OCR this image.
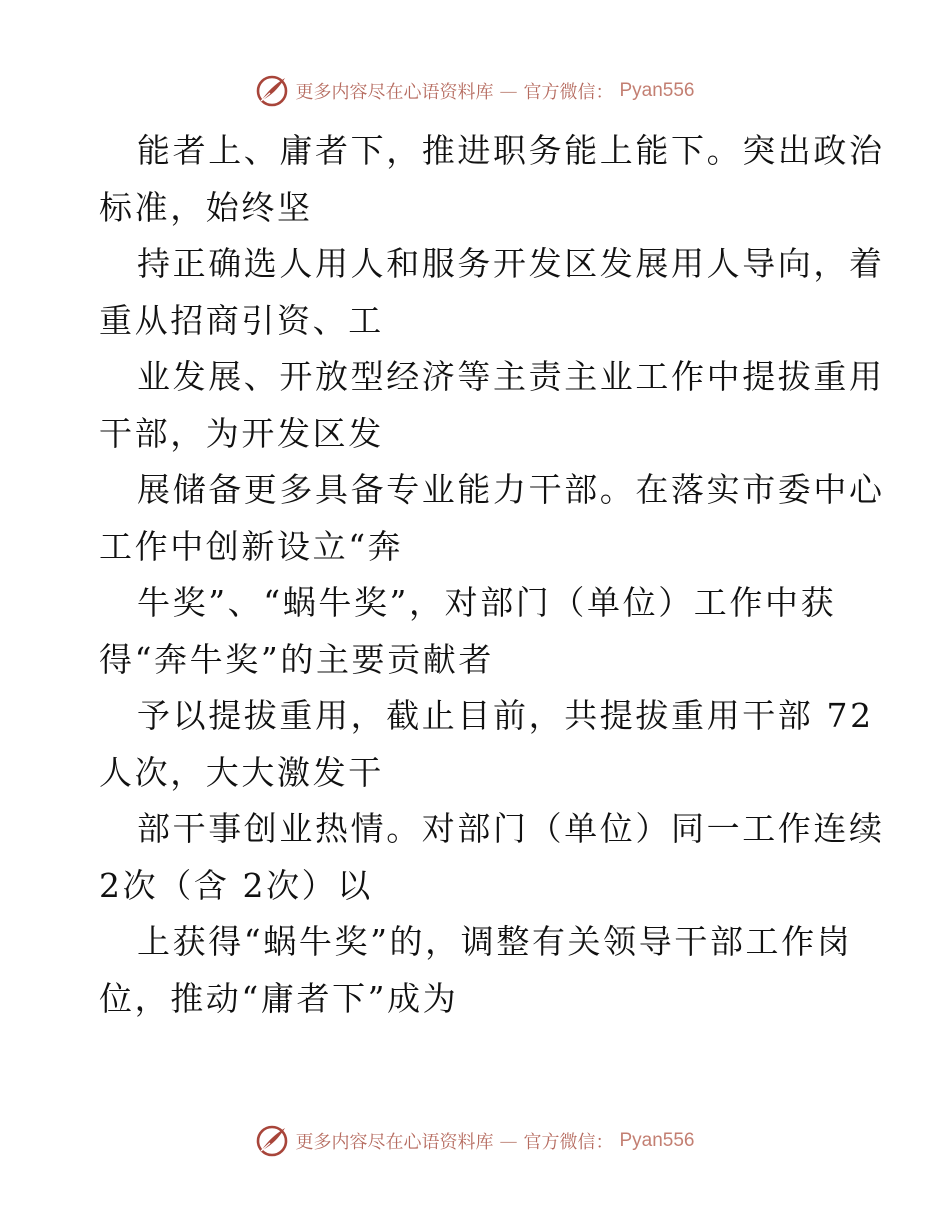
更多内容尽在心语资料库 — 官方微信： Pyan556

能者上、庸者下，推进职务能上能下。突出政治
标准，始终坚

持正确选人用人和服务开发区发展用人导向，着
重从招商引资、工

业发展、开放型经济等主责主业工作中提拔重用
干部，为开发区发

展储备更多具备专业能力干部。在落实市委中心
工作中创新设立“奔

牛奖”、“蜗牛奖”，对部门（单位）工作中获
得“奔牛奖”的主要贡献者

予以提拔重用，截止目前，共提拔重用干部 72
人次，大大激发干

部干事创业热情。对部门（单位）同一工作连续
2次（含 2次）以

上获得“蜗牛奖”的，调整有关领导干部工作岗
位，推动“庸者下”成为

更多内容尽在心语资料库 — 官方微信： Pyan556
